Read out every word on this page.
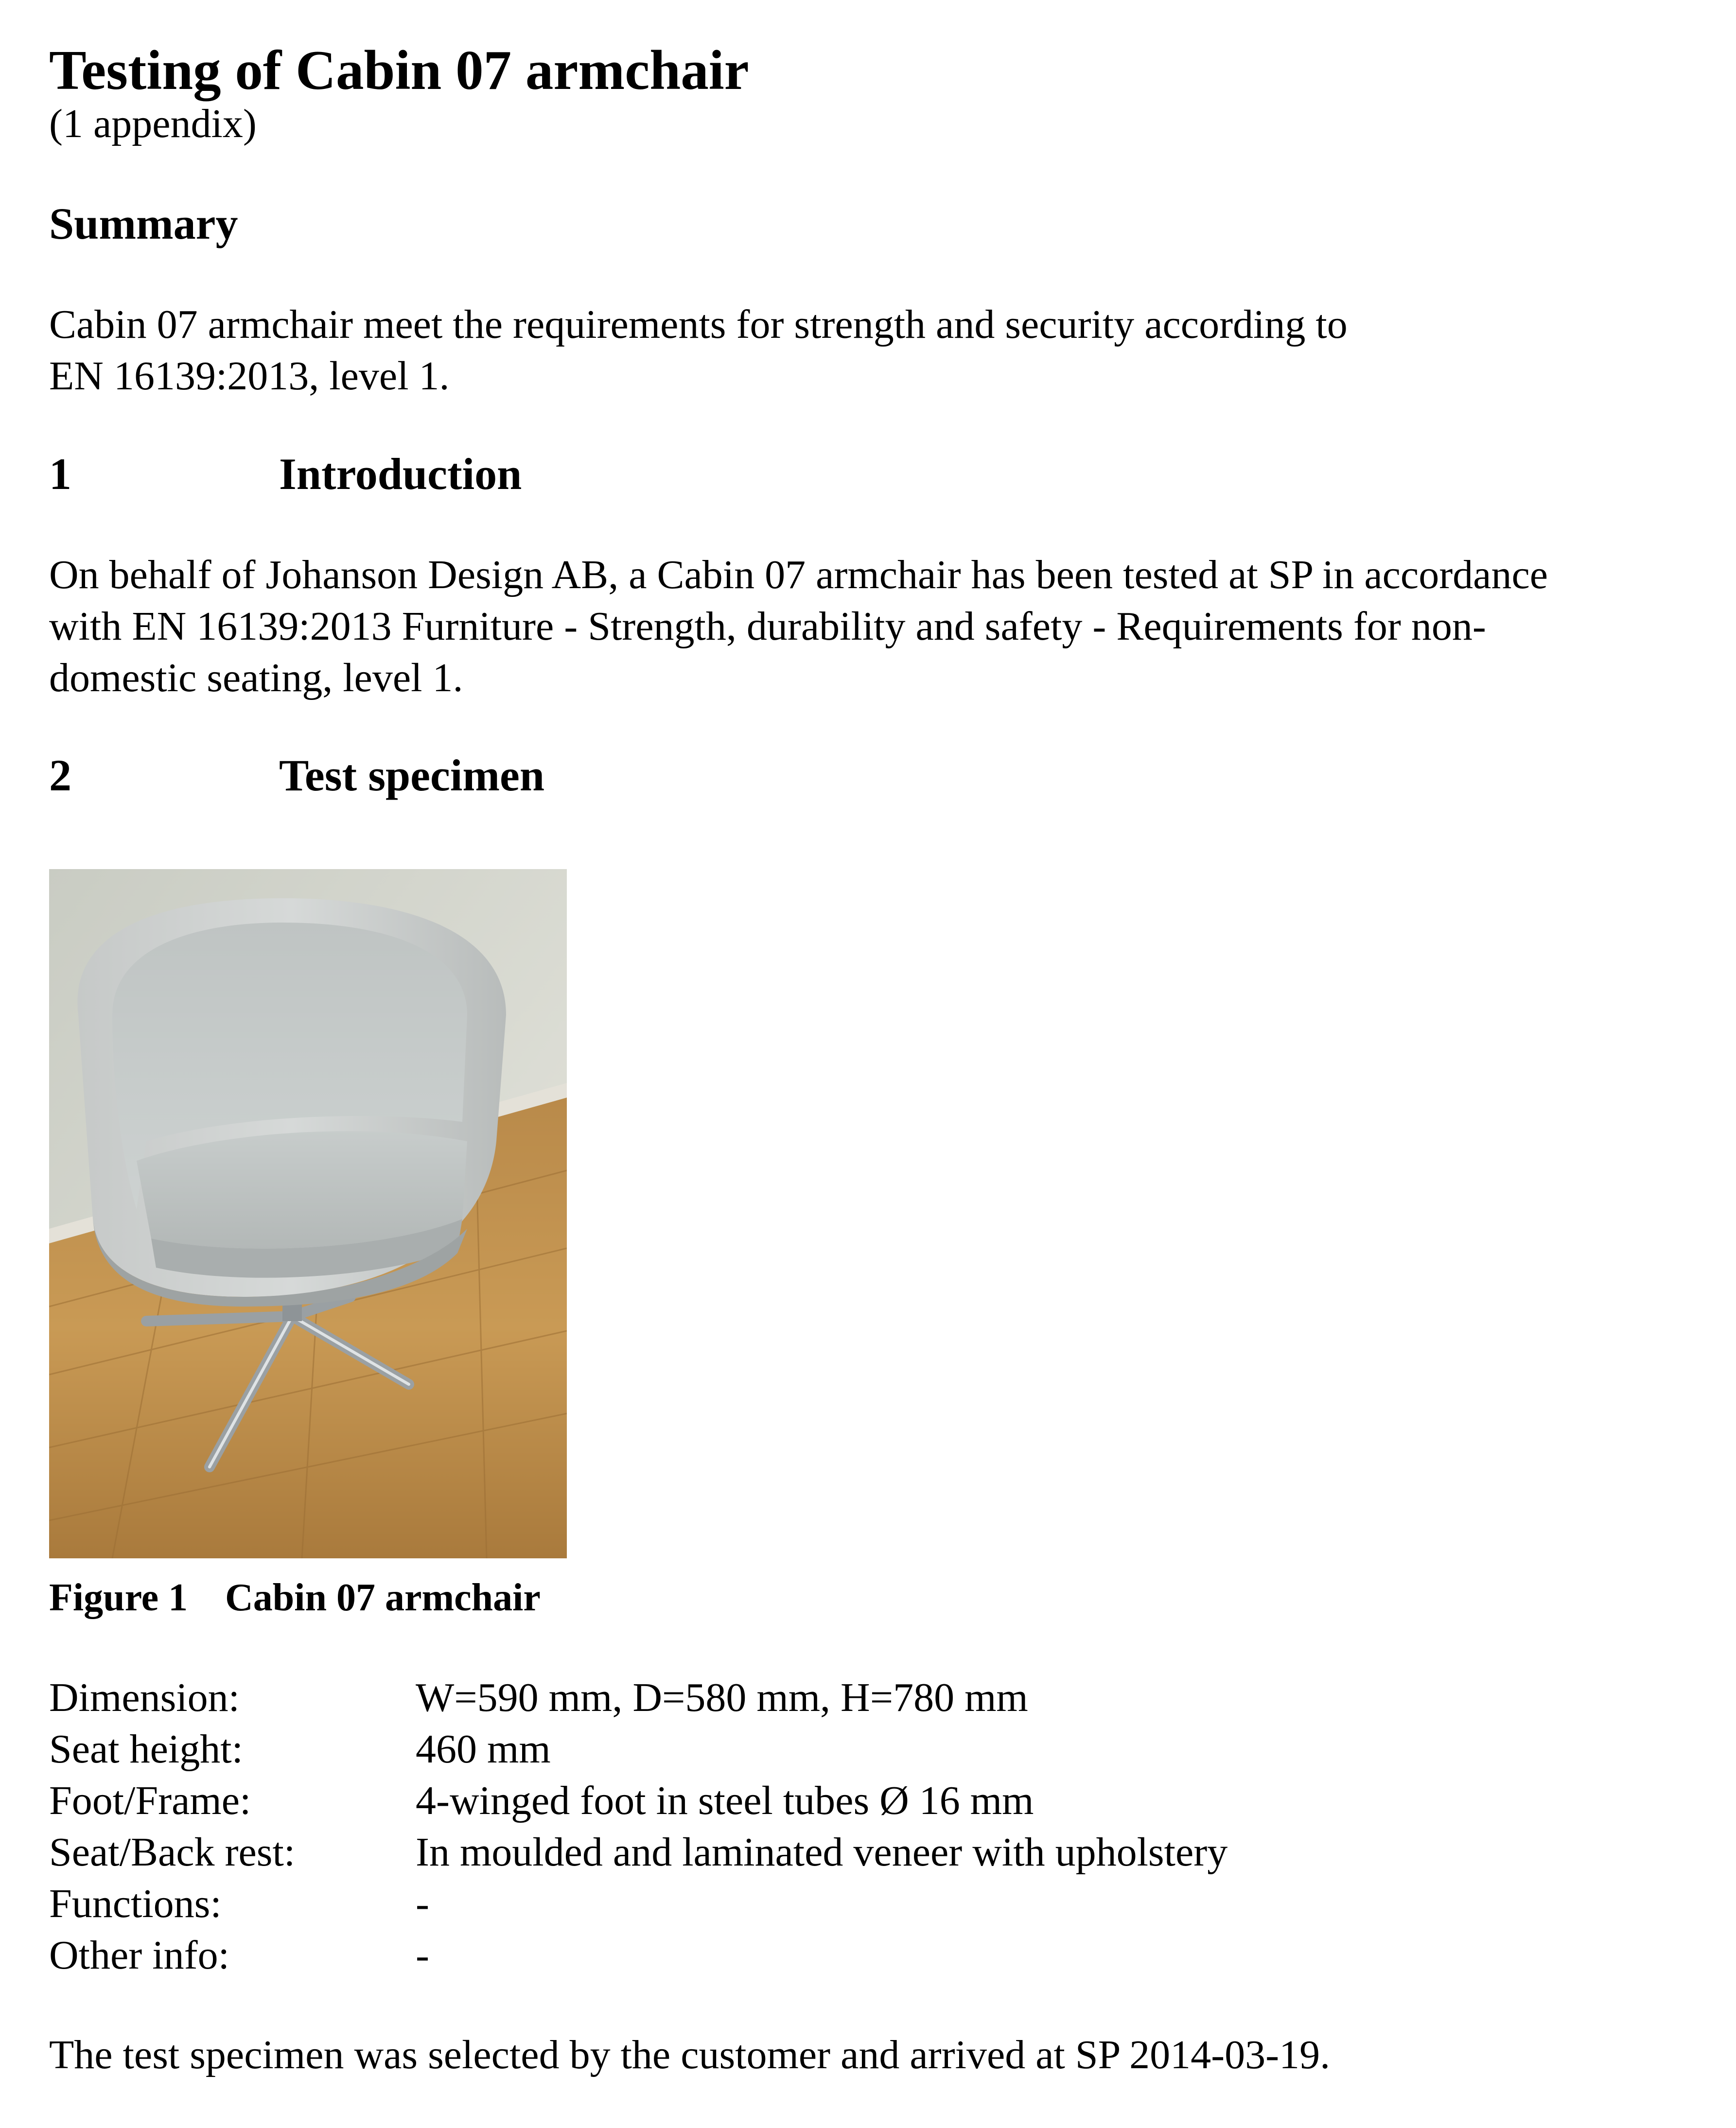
Testing of Cabin 07 armchair
(1 appendix)
Summary
Cabin 07 armchair meet the requirements for strength and security according to
EN 16139:2013, level 1.
1	Introduction
On behalf of Johanson Design AB, a Cabin 07 armchair has been tested at SP in accordance
with EN 16139:2013 Furniture - Strength, durability and safety - Requirements for non-
domestic seating, level 1.
2	Test specimen
Figure 1 Cabin 07 armchair
Dimension:	W=590 mm, D=580 mm, H=780 mm
Seat height:	460 mm
Foot/Frame:	4-winged foot in steel tubes Ø 16 mm
Seat/Back rest:	In moulded and laminated veneer with upholstery
Functions:	-
Other info:	-
The test specimen was selected by the customer and arrived at SP 2014-03-19.
